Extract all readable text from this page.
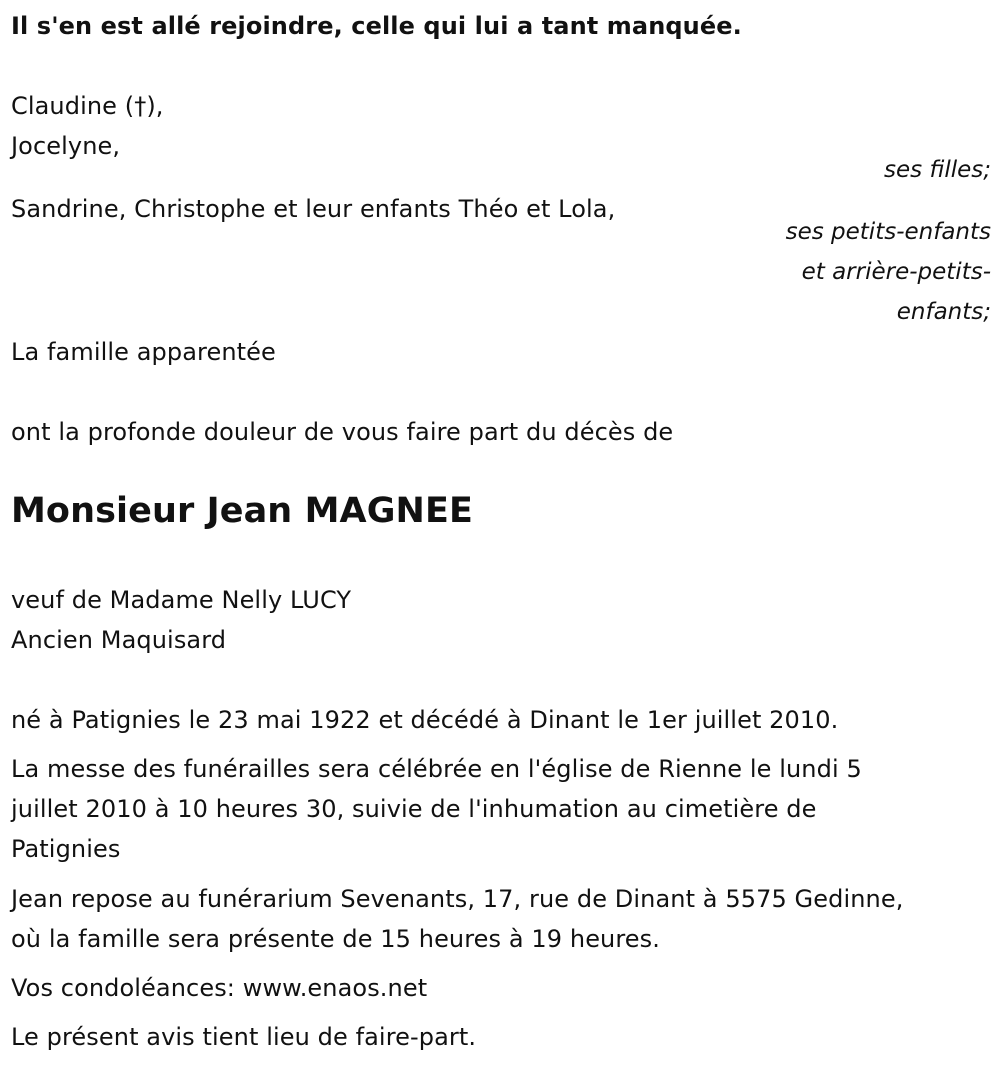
Il s'en est allé rejoindre, celle qui lui a tant manquée.
Claudine (†),
Jocelyne,
ses filles;
Sandrine, Christophe et leur enfants Théo et Lola,
ses petits-enfants
et arrière-petits-
enfants;
La famille apparentée
ont la profonde douleur de vous faire part du décès de
Monsieur Jean MAGNEE
veuf de Madame Nelly LUCY
Ancien Maquisard
né à Patignies le 23 mai 1922 et décédé à Dinant le 1er juillet 2010.
La messe des funérailles sera célébrée en l'église de Rienne le lundi 5
juillet 2010 à 10 heures 30, suivie de l'inhumation au cimetière de
Patignies
Jean repose au funérarium Sevenants, 17, rue de Dinant à 5575 Gedinne,
où la famille sera présente de 15 heures à 19 heures.
Vos condoléances: www.enaos.net
Le présent avis tient lieu de faire-part.
